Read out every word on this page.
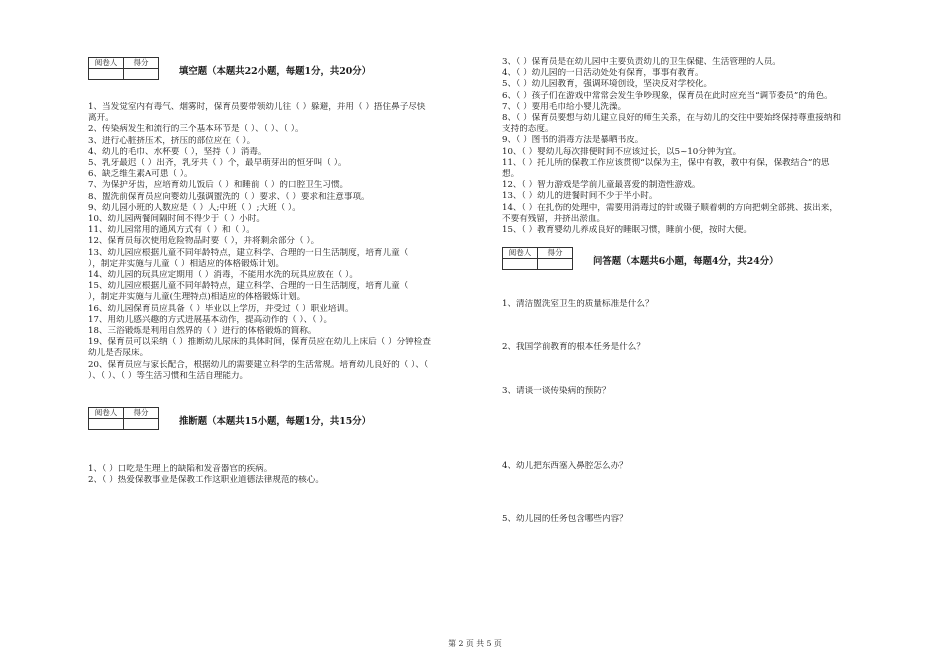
阅卷人	得分

填空题（本题共22小题，每题1分，共20分）
1、当发觉室内有毒气、烟雾时，保育员要带领幼儿往（ ）躲避，并用（ ）捂住鼻子尽快
离开。
2、传染病发生和流行的三个基本环节是（ ）、（ ）、（ ）。
3、进行心脏挤压术，挤压的部位应在（ ）。
4、幼儿的毛巾、水杯要（ ），坚持（ ）消毒。
5、乳牙最迟（ ）出齐，乳牙共（ ）个，最早萌芽出的恒牙叫（ ）。
6、缺乏维生素A可患（ ）。
7、为保护牙齿，应培育幼儿饭后（ ）和睡前（ ）的口腔卫生习惯。
8、盥洗前保育员应向婴幼儿强调盥洗的（ ）要求、（ ）要求和注意事项。
9、幼儿园小班的人数应是（ ）人;中班（ ）;大班（ ）。
10、幼儿园两餐间隔时间不得少于（ ）小时。
11、幼儿园常用的通风方式有（ ）和（ ）。
12、保育员每次使用危险物品时要（ ），并将剩余部分（ ）。
13、幼儿园应根据儿童不同年龄特点，建立科学、合理的一日生活制度，培育儿童（
），制定并实施与儿童（ ）相适应的体格锻炼计划。
14、幼儿园的玩具应定期用（ ）消毒，不能用水洗的玩具应放在（ ）。
15、幼儿园应根据儿童不同年龄特点，建立科学、合理的一日生活制度，培育儿童（
），制定并实施与儿童(生理特点)相适应的体格锻炼计划。
16、幼儿园保育员应具备（ ）毕业以上学历，并受过（ ）职业培训。
17、用幼儿感兴趣的方式进展基本动作，提高动作的（ ）、（ ）。
18、三浴锻炼是利用自然界的（ ）进行的体格锻炼的简称。
19、保育员可以采纳（ ）推断幼儿尿床的具体时间，保育员应在幼儿上床后（ ）分钟检查
幼儿是否尿床。
20、保育员应与家长配合，根据幼儿的需要建立科学的生活常规。培育幼儿良好的（ ）、（
）、（ ）、（ ）等生活习惯和生活自理能力。
阅卷人	得分

推断题（本题共15小题，每题1分，共15分）
1、（ ）口吃是生理上的缺陷和发音器官的疾病。
2、（ ）热爱保教事业是保教工作这职业道德法律规范的核心。
3、（ ）保育员是在幼儿园中主要负责幼儿的卫生保健、生活管理的人员。
4、（ ）幼儿园的一日活动处处有保育，事事有教育。
5、（ ）幼儿园教育，强调环境创设，坚决反对学校化。
6、（ ）孩子们在游戏中常常会发生争吵现象，保育员在此时应充当“调节委员”的角色。
7、（ ）要用毛巾给小婴儿洗澡。
8、（ ）保育员要想与幼儿建立良好的师生关系，在与幼儿的交往中要始终保持尊重接纳和
支持的态度。
9、（ ）图书的消毒方法是暴晒书皮。
10、（ ）婴幼儿每次排便时间不应该过长，以5~10分钟为宜。
11、（ ）托儿所的保教工作应该贯彻“以保为主，保中有教，教中有保，保教结合”的思
想。
12、（ ）智力游戏是学前儿童最喜爱的制造性游戏。
13、（ ）幼儿的进餐时间不少于半小时。
14、（ ）在扎伤的处理中，需要用消毒过的针或镊子顺着刺的方向把刺全部挑、拔出来，
不要有残留，并挤出淤血。
15、（ ）教育婴幼儿养成良好的睡眠习惯，睡前小便，按时大便。
阅卷人	得分

问答题（本题共6小题，每题4分，共24分）
1、清洁盥洗室卫生的质量标准是什么？
2、我国学前教育的根本任务是什么？
3、请谈一谈传染病的预防？
4、幼儿把东西塞入鼻腔怎么办？
5、幼儿园的任务包含哪些内容？
第 2 页 共 5 页
